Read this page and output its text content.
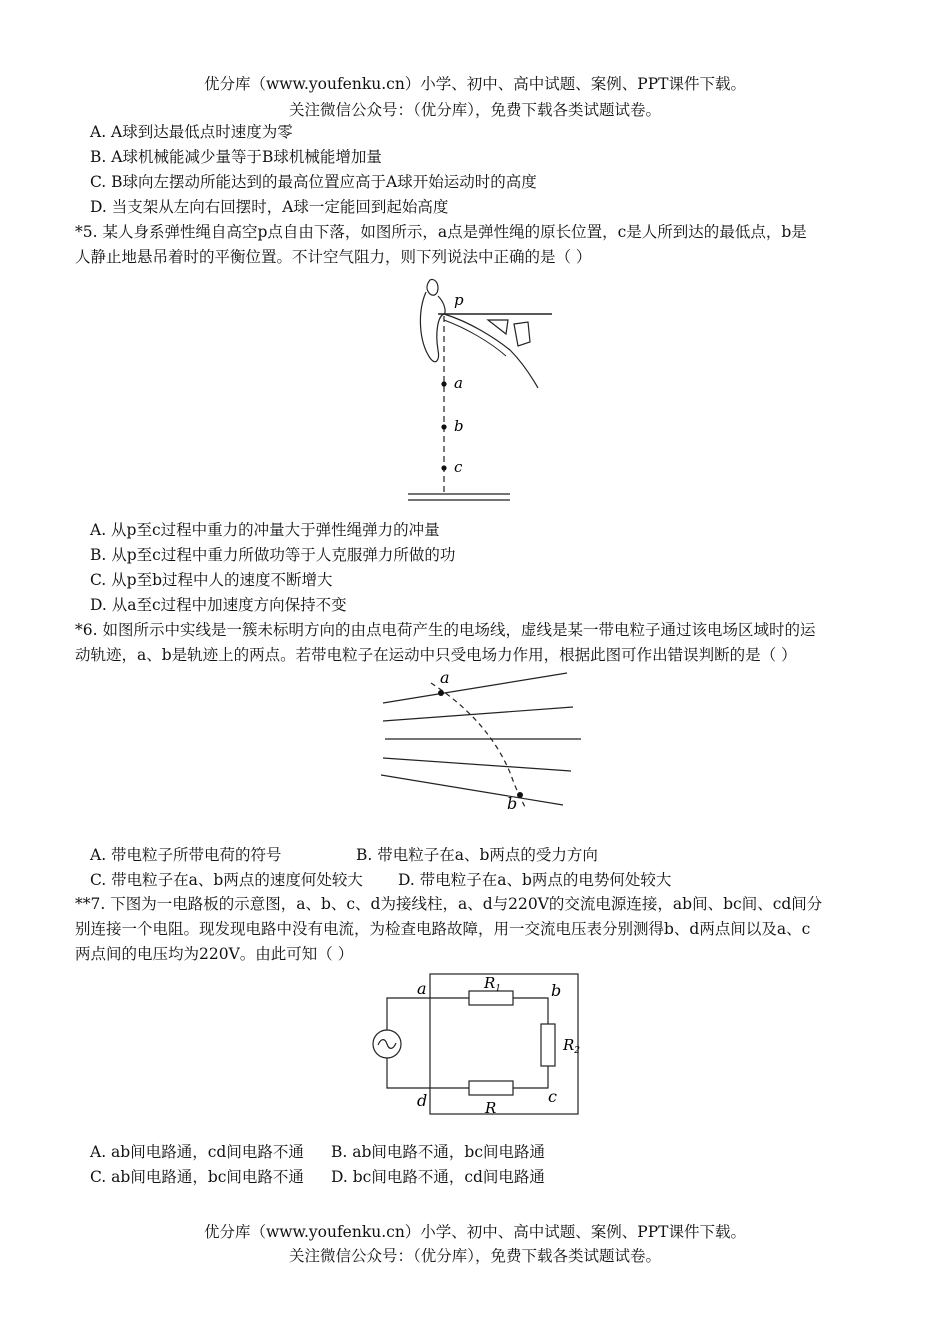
优分库（www.youfenku.cn）小学、初中、高中试题、案例、PPT课件下载。
关注微信公众号：（优分库），免费下载各类试题试卷。
A. A球到达最低点时速度为零
B. A球机械能减少量等于B球机械能增加量
C. B球向左摆动所能达到的最高位置应高于A球开始运动时的高度
D. 当支架从左向右回摆时，A球一定能回到起始高度
*5. 某人身系弹性绳自高空p点自由下落，如图所示，a点是弹性绳的原长位置，c是人所到达的最低点，b是
人静止地悬吊着时的平衡位置。不计空气阻力，则下列说法中正确的是（ ）
p
a
b
c
A. 从p至c过程中重力的冲量大于弹性绳弹力的冲量
B. 从p至c过程中重力所做功等于人克服弹力所做的功
C. 从p至b过程中人的速度不断增大
D. 从a至c过程中加速度方向保持不变
*6. 如图所示中实线是一簇未标明方向的由点电荷产生的电场线，虚线是某一带电粒子通过该电场区域时的运
动轨迹，a、b是轨迹上的两点。若带电粒子在运动中只受电场力作用，根据此图可作出错误判断的是（ ）
a
b
A. 带电粒子所带电荷的符号	B. 带电粒子在a、b两点的受力方向
C. 带电粒子在a、b两点的速度何处较大 D. 带电粒子在a、b两点的电势何处较大
**7. 下图为一电路板的示意图，a、b、c、d为接线柱，a、d与220V的交流电源连接，ab间、bc间、cd间分
别连接一个电阻。现发现电路中没有电流，为检查电路故障，用一交流电压表分别测得b、d两点间以及a、c
两点间的电压均为220V。由此可知（ ）
a	b
c
d
$R_1$
$R_2$
R
A. ab间电路通，cd间电路不通 B. ab间电路不通，bc间电路通
C. ab间电路通，bc间电路不通 D. bc间电路不通，cd间电路通
优分库（www.youfenku.cn）小学、初中、高中试题、案例、PPT课件下载。
关注微信公众号：（优分库），免费下载各类试题试卷。
